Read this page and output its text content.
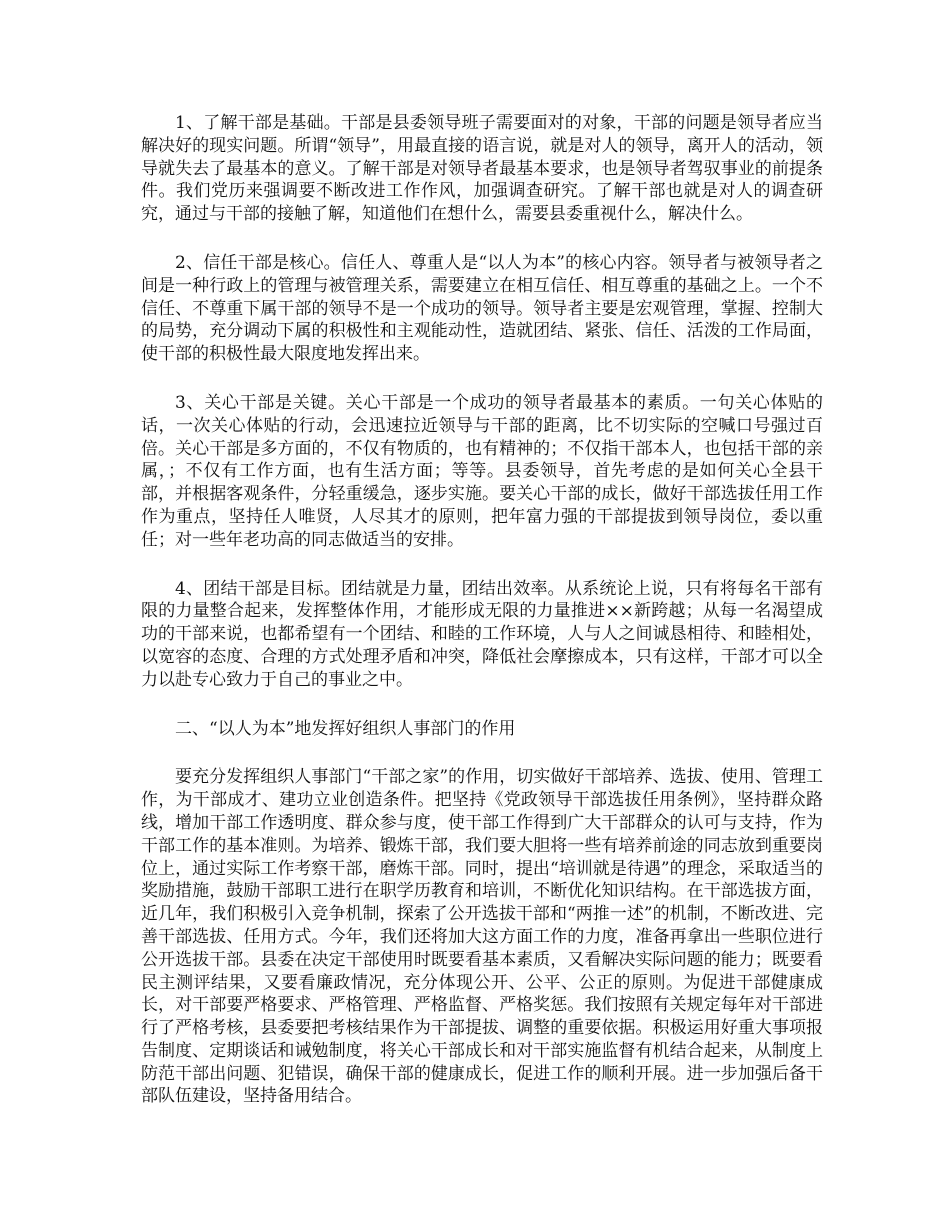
1、了解干部是基础。干部是县委领导班子需要面对的对象，干部的问题是领导者应当解决好的现实问题。所谓“领导”，用最直接的语言说，就是对人的领导，离开人的活动，领导就失去了最基本的意义。了解干部是对领导者最基本要求，也是领导者驾驭事业的前提条件。我们党历来强调要不断改进工作作风，加强调查研究。了解干部也就是对人的调查研究，通过与干部的接触了解，知道他们在想什么，需要县委重视什么，解决什么。

2、信任干部是核心。信任人、尊重人是“以人为本”的核心内容。领导者与被领导者之间是一种行政上的管理与被管理关系，需要建立在相互信任、相互尊重的基础之上。一个不信任、不尊重下属干部的领导不是一个成功的领导。领导者主要是宏观管理，掌握、控制大的局势，充分调动下属的积极性和主观能动性，造就团结、紧张、信任、活泼的工作局面，使干部的积极性最大限度地发挥出来。

3、关心干部是关键。关心干部是一个成功的领导者最基本的素质。一句关心体贴的话，一次关心体贴的行动，会迅速拉近领导与干部的距离，比不切实际的空喊口号强过百倍。关心干部是多方面的，不仅有物质的，也有精神的；不仅指干部本人，也包括干部的亲属，；不仅有工作方面，也有生活方面；等等。县委领导，首先考虑的是如何关心全县干部，并根据客观条件，分轻重缓急，逐步实施。要关心干部的成长，做好干部选拔任用工作作为重点，坚持任人唯贤，人尽其才的原则，把年富力强的干部提拔到领导岗位，委以重任；对一些年老功高的同志做适当的安排。

4、团结干部是目标。团结就是力量，团结出效率。从系统论上说，只有将每名干部有限的力量整合起来，发挥整体作用，才能形成无限的力量推进××新跨越；从每一名渴望成功的干部来说，也都希望有一个团结、和睦的工作环境，人与人之间诚恳相待、和睦相处，以宽容的态度、合理的方式处理矛盾和冲突，降低社会摩擦成本，只有这样，干部才可以全力以赴专心致力于自己的事业之中。

二、“以人为本”地发挥好组织人事部门的作用

要充分发挥组织人事部门“干部之家”的作用，切实做好干部培养、选拔、使用、管理工作，为干部成才、建功立业创造条件。把坚持《党政领导干部选拔任用条例》，坚持群众路线，增加干部工作透明度、群众参与度，使干部工作得到广大干部群众的认可与支持，作为干部工作的基本准则。为培养、锻炼干部，我们要大胆将一些有培养前途的同志放到重要岗位上，通过实际工作考察干部，磨炼干部。同时，提出“培训就是待遇”的理念，采取适当的奖励措施，鼓励干部职工进行在职学历教育和培训，不断优化知识结构。在干部选拔方面，近几年，我们积极引入竞争机制，探索了公开选拔干部和“两推一述”的机制，不断改进、完善干部选拔、任用方式。今年，我们还将加大这方面工作的力度，准备再拿出一些职位进行公开选拔干部。县委在决定干部使用时既要看基本素质，又看解决实际问题的能力；既要看民主测评结果，又要看廉政情况，充分体现公开、公平、公正的原则。为促进干部健康成长，对干部要严格要求、严格管理、严格监督、严格奖惩。我们按照有关规定每年对干部进行了严格考核，县委要把考核结果作为干部提拔、调整的重要依据。积极运用好重大事项报告制度、定期谈话和诫勉制度，将关心干部成长和对干部实施监督有机结合起来，从制度上防范干部出问题、犯错误，确保干部的健康成长，促进工作的顺利开展。进一步加强后备干部队伍建设，坚持备用结合。
